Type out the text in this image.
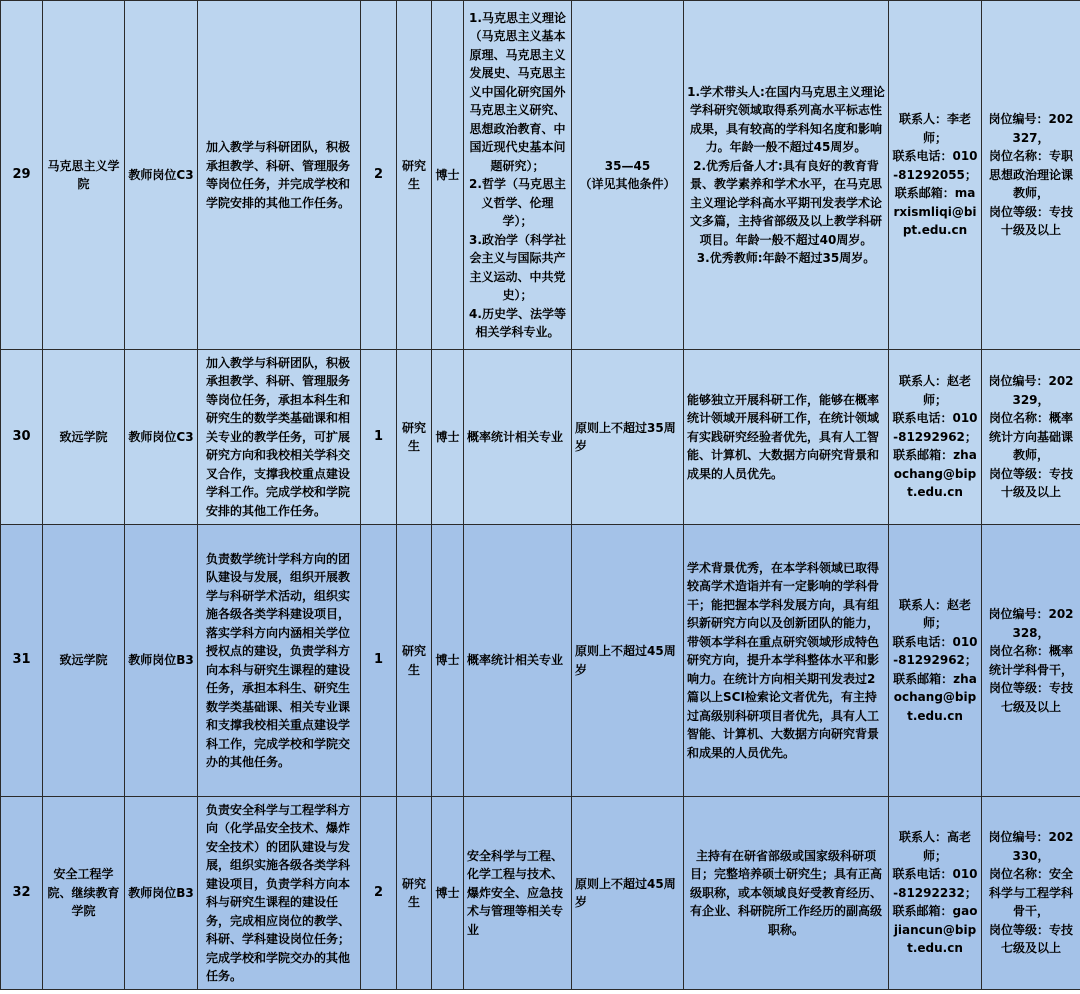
29	马克思主义学院	教师岗位C3	加入教学与科研团队，积极承担教学、科研、管理服务等岗位任务，并完成学校和学院安排的其他工作任务。	2	研究生	博士	1.马克思主义理论（马克思主义基本原理、马克思主义发展史、马克思主义中国化研究国外马克思主义研究、思想政治教育、中国近现代史基本问题研究）；
2.哲学（马克思主义哲学、伦理学）；
3.政治学（科学社会主义与国际共产主义运动、中共党史）；
4.历史学、法学等相关学科专业。	35—45
（详见其他条件）	1.学术带头人:在国内马克思主义理论学科研究领域取得系列高水平标志性成果，具有较高的学科知名度和影响力。年龄一般不超过45周岁。
2.优秀后备人才:具有良好的教育背景、教学素养和学术水平，在马克思主义理论学科高水平期刊发表学术论文多篇，主持省部级及以上教学科研项目。年龄一般不超过40周岁。
3.优秀教师:年龄不超过35周岁。	联系人：李老师；
联系电话：010-81292055；
联系邮箱：marxismliqi@bipt.edu.cn	岗位编号：202327，
岗位名称：专职思想政治理论课教师，
岗位等级：专技十级及以上
30	致远学院	教师岗位C3	加入教学与科研团队，积极承担教学、科研、管理服务等岗位任务，承担本科生和研究生的数学类基础课和相关专业的教学任务，可扩展研究方向和我校相关学科交叉合作，支撑我校重点建设学科工作。完成学校和学院安排的其他工作任务。	1	研究生	博士	概率统计相关专业	原则上不超过35周岁	能够独立开展科研工作，能够在概率统计领域开展科研工作，在统计领域有实践研究经验者优先，具有人工智能、计算机、大数据方向研究背景和成果的人员优先。	联系人：赵老师；
联系电话：010-81292962；
联系邮箱：zhaochang@bipt.edu.cn	岗位编号：202329，
岗位名称：概率统计方向基础课教师，
岗位等级：专技十级及以上
31	致远学院	教师岗位B3	负责数学统计学科方向的团队建设与发展，组织开展教学与科研学术活动，组织实施各级各类学科建设项目，落实学科方向内涵相关学位授权点的建设，负责学科方向本科与研究生课程的建设任务，承担本科生、研究生数学类基础课、相关专业课和支撑我校相关重点建设学科工作，完成学校和学院交办的其他任务。	1	研究生	博士	概率统计相关专业	原则上不超过45周岁	学术背景优秀，在本学科领域已取得较高学术造诣并有一定影响的学科骨干；能把握本学科发展方向，具有组织新研究方向以及创新团队的能力，带领本学科在重点研究领域形成特色研究方向，提升本学科整体水平和影响力。在统计方向相关期刊发表过2篇以上SCI检索论文者优先，有主持过高级别科研项目者优先，具有人工智能、计算机、大数据方向研究背景和成果的人员优先。	联系人：赵老师；
联系电话：010-81292962；
联系邮箱：zhaochang@bipt.edu.cn	岗位编号：202328，
岗位名称：概率统计学科骨干，
岗位等级：专技七级及以上
32	安全工程学院、继续教育学院	教师岗位B3	负责安全科学与工程学科方向（化学品安全技术、爆炸安全技术）的团队建设与发展，组织实施各级各类学科建设项目，负责学科方向本科与研究生课程的建设任务，完成相应岗位的教学、科研、学科建设岗位任务；完成学校和学院交办的其他任务。	2	研究生	博士	安全科学与工程、化学工程与技术、爆炸安全、应急技术与管理等相关专业	原则上不超过45周岁	主持有在研省部级或国家级科研项目；完整培养硕士研究生；具有正高级职称，或本领域良好受教育经历、有企业、科研院所工作经历的副高级职称。	联系人：高老师；
联系电话：010-81292232；
联系邮箱：gaojiancun@bipt.edu.cn	岗位编号：202330，
岗位名称：安全科学与工程学科骨干，
岗位等级：专技七级及以上
